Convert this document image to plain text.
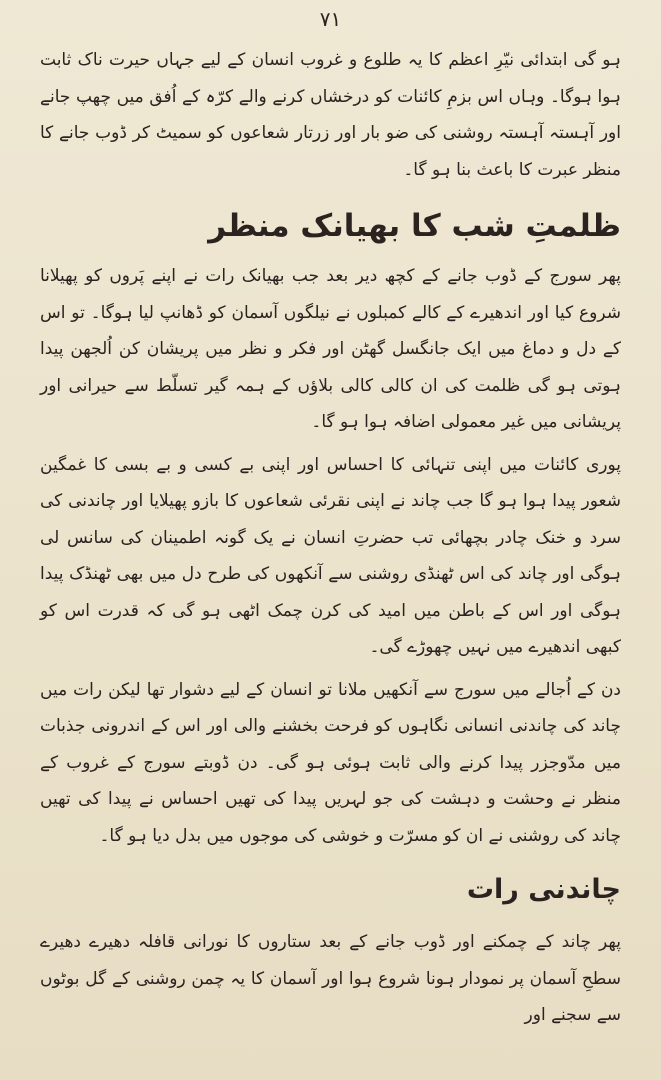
۷۱

ہو گی ابتدائی نیّرِ اعظم کا یہ طلوع و غروب انسان کے لیے جہاں حیرت ناک ثابت ہوا ہوگا۔ وہاں اس بزمِ کائنات کو درخشاں کرنے والے کرّہ کے اُفق میں چھپ جانے اور آہستہ آہستہ روشنی کی ضو بار اور زرتار شعاعوں کو سمیٹ کر ڈوب جانے کا منظر عبرت کا باعث بنا ہو گا۔

ظلمتِ شب کا بھیانک منظر

پھر سورج کے ڈوب جانے کے کچھ دیر بعد جب بھیانک رات نے اپنے پَروں کو پھیلانا شروع کیا اور اندھیرے کے کالے کمبلوں نے نیلگوں آسمان کو ڈھانپ لیا ہوگا۔ تو اس کے دل و دماغ میں ایک جانگسل گھٹن اور فکر و نظر میں پریشان کن اُلجھن پیدا ہوتی ہو گی ظلمت کی ان کالی کالی بلاؤں کے ہمہ گیر تسلّط سے حیرانی اور پریشانی میں غیر معمولی اضافہ ہوا ہو گا۔

پوری کائنات میں اپنی تنہائی کا احساس اور اپنی بے کسی و بے بسی کا غمگین شعور پیدا ہوا ہو گا جب چاند نے اپنی نقرئی شعاعوں کا بازو پھیلایا اور چاندنی کی سرد و خنک چادر بچھائی تب حضرتِ انسان نے یک گونہ اطمینان کی سانس لی ہوگی اور چاند کی اس ٹھنڈی روشنی سے آنکھوں کی طرح دل میں بھی ٹھنڈک پیدا ہوگی اور اس کے باطن میں امید کی کرن چمک اٹھی ہو گی کہ قدرت اس کو کبھی اندھیرے میں نہیں چھوڑے گی۔

دن کے اُجالے میں سورج سے آنکھیں ملانا تو انسان کے لیے دشوار تھا لیکن رات میں چاند کی چاندنی انسانی نگاہوں کو فرحت بخشنے والی اور اس کے اندرونی جذبات میں مدّوجزر پیدا کرنے والی ثابت ہوئی ہو گی۔ دن ڈوبتے سورج کے غروب کے منظر نے وحشت و دہشت کی جو لہریں پیدا کی تھیں احساس نے پیدا کی تھیں چاند کی روشنی نے ان کو مسرّت و خوشی کی موجوں میں بدل دیا ہو گا۔

چاندنی رات

پھر چاند کے چمکنے اور ڈوب جانے کے بعد ستاروں کا نورانی قافلہ دھیرے دھیرے سطحِ آسمان پر نمودار ہونا شروع ہوا اور آسمان کا یہ چمن روشنی کے گل بوٹوں سے سجنے اور
